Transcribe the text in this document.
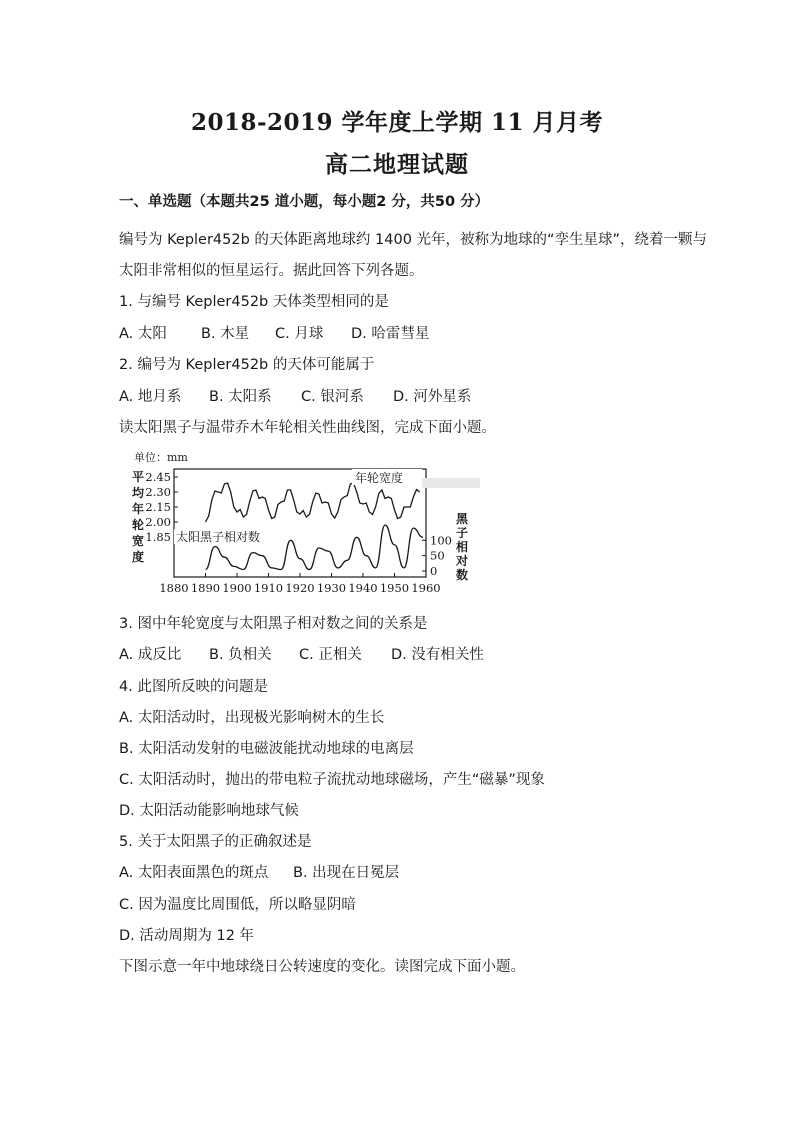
2018-2019 学年度上学期 11 月月考
高二地理试题
一、单选题（本题共25 道小题，每小题2 分，共50 分）
编号为 Kepler452b 的天体距离地球约 1400 光年，被称为地球的“孪生星球”，绕着一颗与
太阳非常相似的恒星运行。据此回答下列各题。
1. 与编号 Kepler452b 天体类型相同的是
A. 太阳 B. 木星 C. 月球 D. 哈雷彗星
2. 编号为 Kepler452b 的天体可能属于
A. 地月系 B. 太阳系 C. 银河系 D. 河外星系
读太阳黑子与温带乔木年轮相关性曲线图，完成下面小题。
单位：mm
平
均
年
轮
宽
度
黑
子
相
对
数
2.45
2.30
2.15
2.00
1.85	100
50
0
1880 1890 1900 1910 1920 1930 1940 1950 1960
年轮宽度
太阳黑子相对数
3. 图中年轮宽度与太阳黑子相对数之间的关系是
A. 成反比 B. 负相关 C. 正相关 D. 没有相关性
4. 此图所反映的问题是
A. 太阳活动时，出现极光影响树木的生长
B. 太阳活动发射的电磁波能扰动地球的电离层
C. 太阳活动时，抛出的带电粒子流扰动地球磁场，产生“磁暴”现象
D. 太阳活动能影响地球气候
5. 关于太阳黑子的正确叙述是
A. 太阳表面黑色的斑点 B. 出现在日冕层
C. 因为温度比周围低，所以略显阴暗
D. 活动周期为 12 年
下图示意一年中地球绕日公转速度的变化。读图完成下面小题。
